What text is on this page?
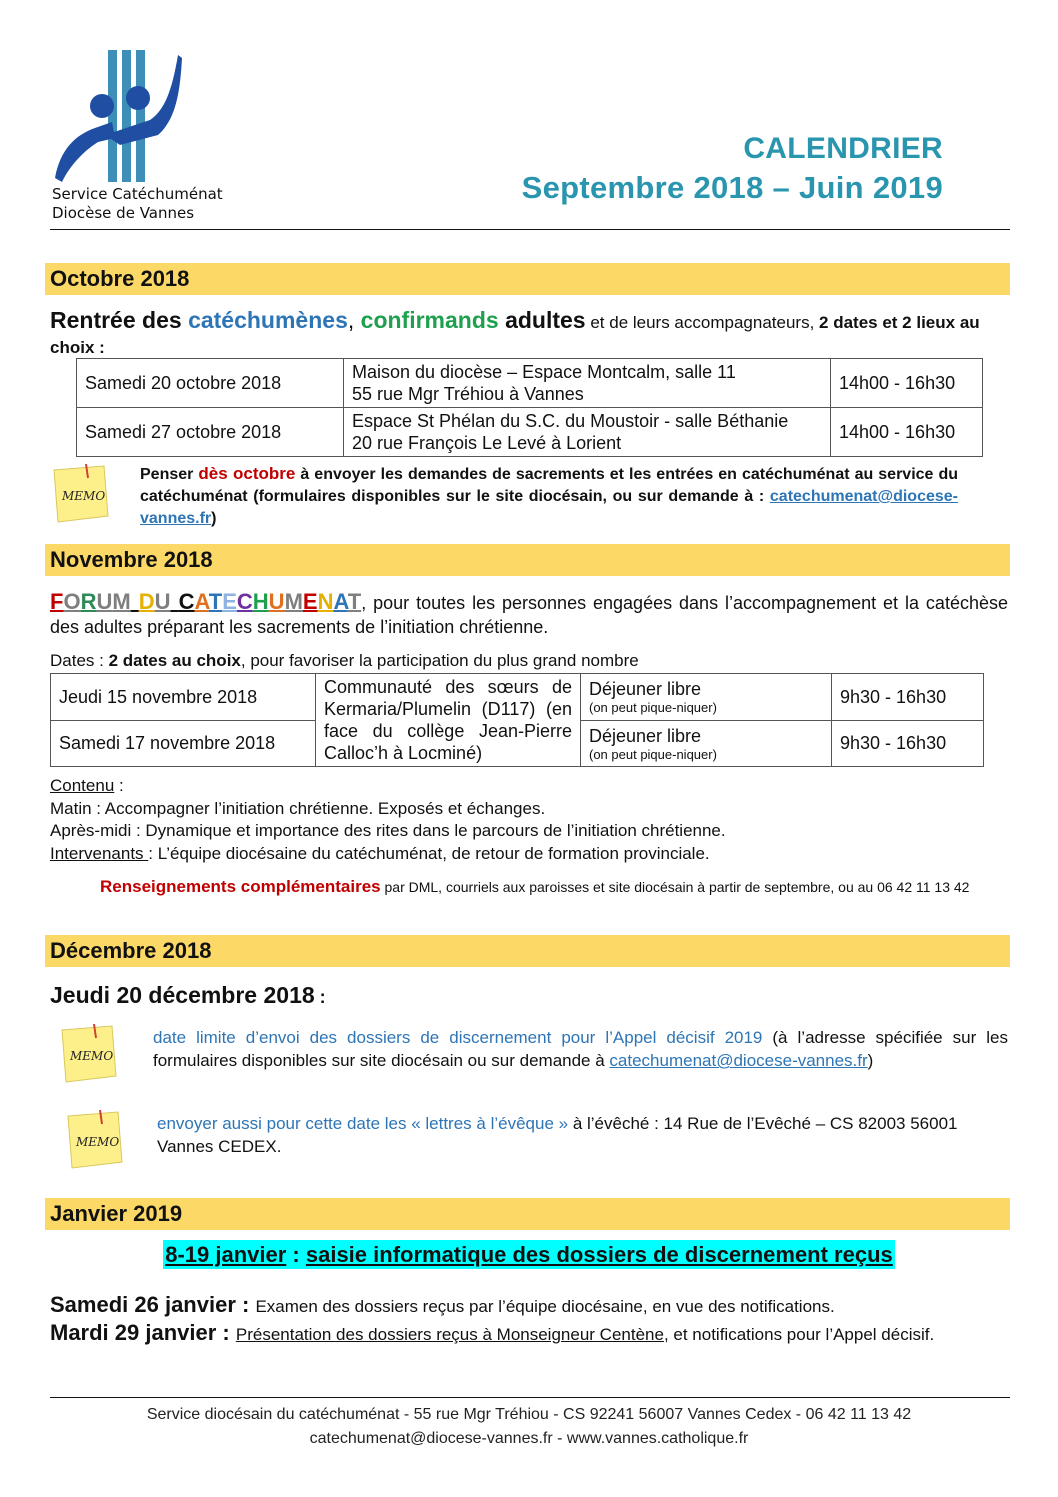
Service Catéchuménat
Diocèse de Vannes
CALENDRIER
Septembre 2018 – Juin 2019
Octobre 2018
Rentrée des catéchumènes, confirmands adultes et de leurs accompagnateurs, 2 dates et 2 lieux au choix :
Samedi 20 octobre 2018	Maison du diocèse – Espace Montcalm, salle 11
55 rue Mgr Tréhiou à Vannes	14h00 - 16h30
Samedi 27 octobre 2018	Espace St Phélan du S.C. du Moustoir - salle Béthanie
20 rue François Le Levé à Lorient	14h00 - 16h30
MEMO
Penser dès octobre à envoyer les demandes de sacrements et les entrées en catéchuménat au service du catéchuménat (formulaires disponibles sur le site diocésain, ou sur demande à : catechumenat@diocese-vannes.fr)
Novembre 2018
FORUM DU CATECHUMENAT, pour toutes les personnes engagées dans l’accompagnement et la catéchèse des adultes préparant les sacrements de l’initiation chrétienne.
Dates : 2 dates au choix, pour favoriser la participation du plus grand nombre
Jeudi 15 novembre 2018	Communauté des sœurs de Kermaria/Plumelin (D117) (en face du collège Jean-Pierre Calloc’h à Locminé)	Déjeuner libre
(on peut pique-niquer)	9h30 - 16h30
Samedi 17 novembre 2018		Déjeuner libre
(on peut pique-niquer)	9h30 - 16h30
Contenu :
Matin : Accompagner l’initiation chrétienne. Exposés et échanges.
Après-midi : Dynamique et importance des rites dans le parcours de l’initiation chrétienne.
Intervenants : L’équipe diocésaine du catéchuménat, de retour de formation provinciale.
Renseignements complémentaires par DML, courriels aux paroisses et site diocésain à partir de septembre, ou au 06 42 11 13 42
Décembre 2018
Jeudi 20 décembre 2018 :
MEMO
date limite d’envoi des dossiers de discernement pour l’Appel décisif 2019 (à l’adresse spécifiée sur les formulaires disponibles sur site diocésain ou sur demande à catechumenat@diocese-vannes.fr)
MEMO
envoyer aussi pour cette date les « lettres à l’évêque » à l’évêché : 14 Rue de l’Evêché – CS 82003 56001 Vannes CEDEX.
Janvier 2019
8-19 janvier : saisie informatique des dossiers de discernement reçus
Samedi 26 janvier : Examen des dossiers reçus par l’équipe diocésaine, en vue des notifications.
Mardi 29 janvier : Présentation des dossiers reçus à Monseigneur Centène, et notifications pour l’Appel décisif.
Service diocésain du catéchuménat - 55 rue Mgr Tréhiou - CS 92241 56007 Vannes Cedex - 06 42 11 13 42
catechumenat@diocese-vannes.fr - www.vannes.catholique.fr
